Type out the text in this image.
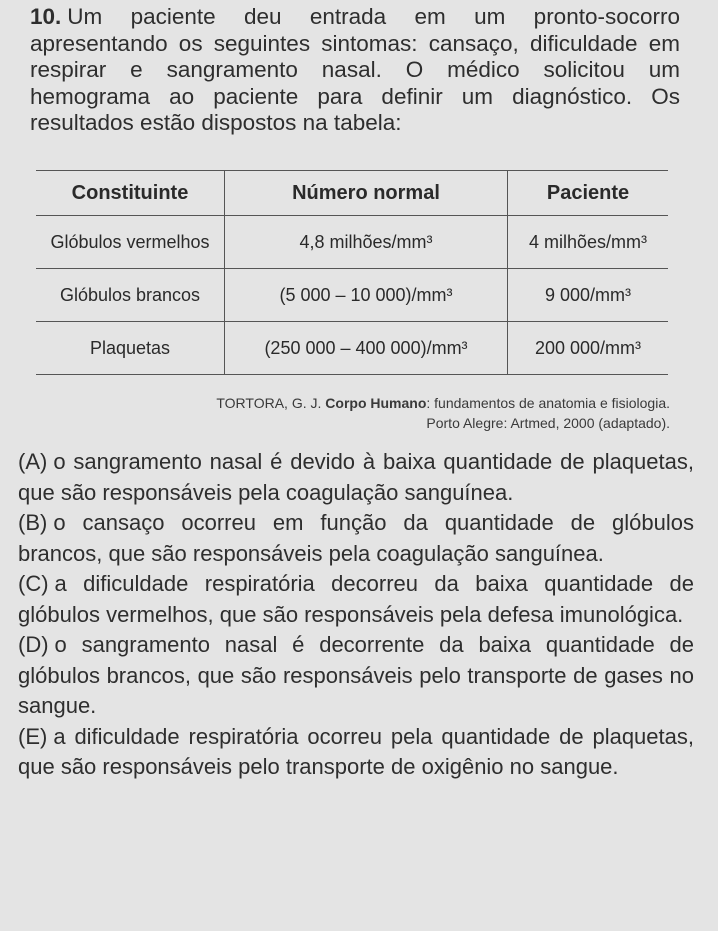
10. Um paciente deu entrada em um pronto-socorro apresentando os seguintes sintomas: cansaço, dificuldade em respirar e sangramento nasal. O médico solicitou um hemograma ao paciente para definir um diagnóstico. Os resultados estão dispostos na tabela:
Constituinte	Número normal	Paciente
Glóbulos vermelhos	4,8 milhões/mm³	4 milhões/mm³
Glóbulos brancos	(5 000 – 10 000)/mm³	9 000/mm³
Plaquetas	(250 000 – 400 000)/mm³	200 000/mm³
TORTORA, G. J. Corpo Humano: fundamentos de anatomia e fisiologia.
Porto Alegre: Artmed, 2000 (adaptado).

(A) o sangramento nasal é devido à baixa quantidade de plaquetas, que são responsáveis pela coagulação sanguínea.

(B) o cansaço ocorreu em função da quantidade de glóbulos brancos, que são responsáveis pela coagulação sanguínea.

(C) a dificuldade respiratória decorreu da baixa quantidade de glóbulos vermelhos, que são responsáveis pela defesa imunológica.

(D) o sangramento nasal é decorrente da baixa quantidade de glóbulos brancos, que são responsáveis pelo transporte de gases no sangue.

(E) a dificuldade respiratória ocorreu pela quantidade de plaquetas, que são responsáveis pelo transporte de oxigênio no sangue.
